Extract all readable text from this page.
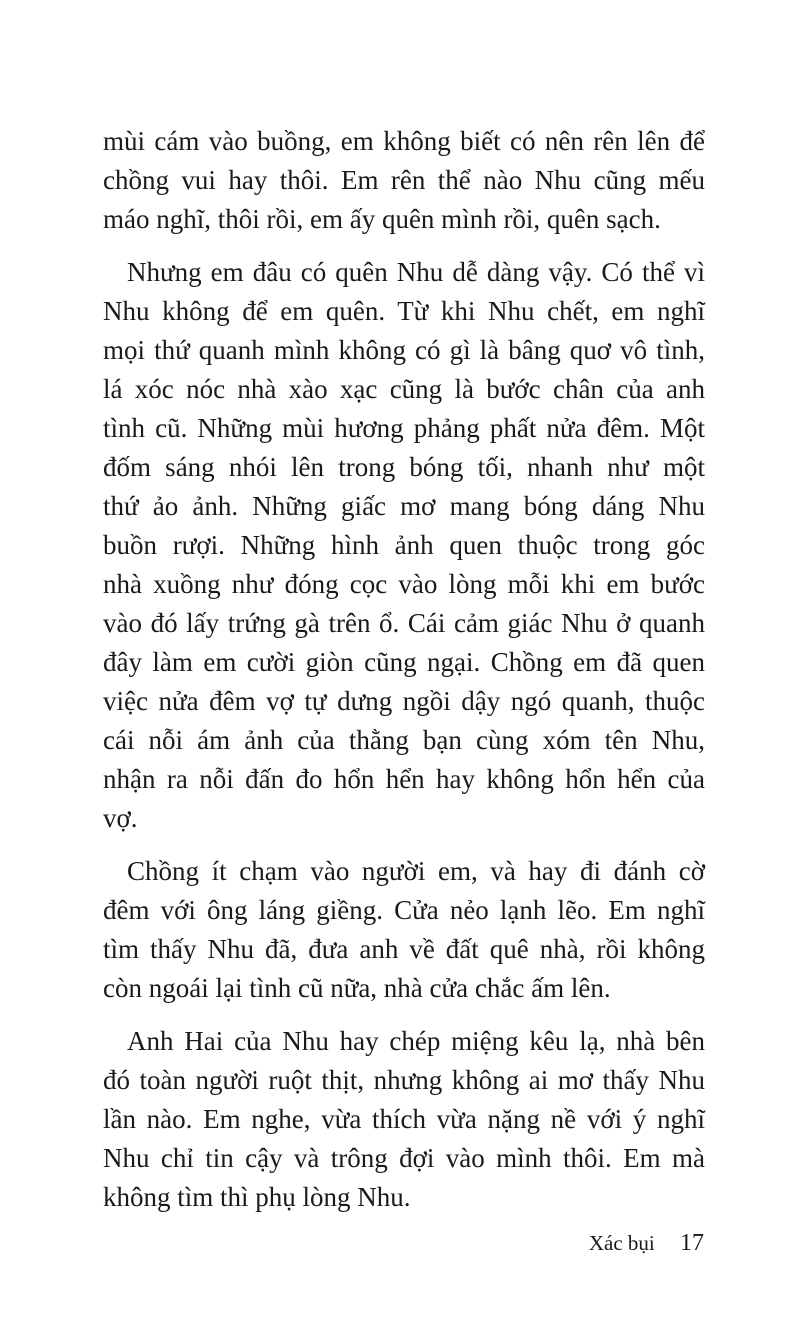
mùi cám vào buồng, em không biết có nên rên lên để
chồng vui hay thôi. Em rên thể nào Nhu cũng mếu
máo nghĩ, thôi rồi, em ấy quên mình rồi, quên sạch.

Nhưng em đâu có quên Nhu dễ dàng vậy. Có thể vì
Nhu không để em quên. Từ khi Nhu chết, em nghĩ
mọi thứ quanh mình không có gì là bâng quơ vô tình,
lá xóc nóc nhà xào xạc cũng là bước chân của anh
tình cũ. Những mùi hương phảng phất nửa đêm. Một
đốm sáng nhói lên trong bóng tối, nhanh như một
thứ ảo ảnh. Những giấc mơ mang bóng dáng Nhu
buồn rượi. Những hình ảnh quen thuộc trong góc
nhà xuồng như đóng cọc vào lòng mỗi khi em bước
vào đó lấy trứng gà trên ổ. Cái cảm giác Nhu ở quanh
đây làm em cười giòn cũng ngại. Chồng em đã quen
việc nửa đêm vợ tự dưng ngồi dậy ngó quanh, thuộc
cái nỗi ám ảnh của thằng bạn cùng xóm tên Nhu,
nhận ra nỗi đấn đo hổn hển hay không hổn hển của
vợ.

Chồng ít chạm vào người em, và hay đi đánh cờ
đêm với ông láng giềng. Cửa nẻo lạnh lẽo. Em nghĩ
tìm thấy Nhu đã, đưa anh về đất quê nhà, rồi không
còn ngoái lại tình cũ nữa, nhà cửa chắc ấm lên.

Anh Hai của Nhu hay chép miệng kêu lạ, nhà bên
đó toàn người ruột thịt, nhưng không ai mơ thấy Nhu
lần nào. Em nghe, vừa thích vừa nặng nề với ý nghĩ
Nhu chỉ tin cậy và trông đợi vào mình thôi. Em mà
không tìm thì phụ lòng Nhu.

Xác bụi 17
